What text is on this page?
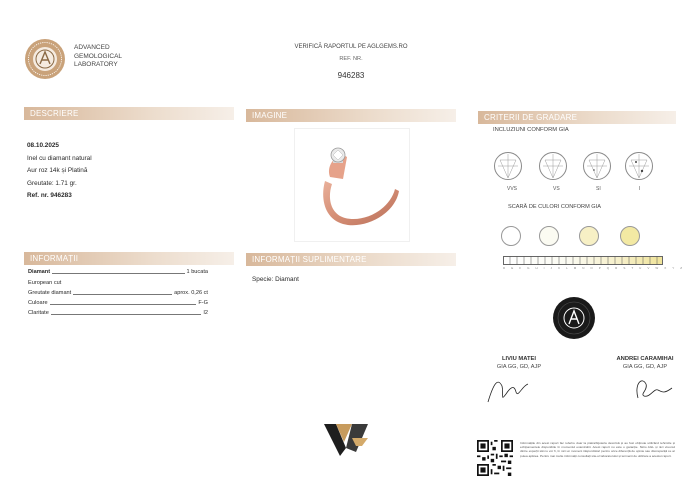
ADVANCED
GEMOLOGICAL
LABORATORY
DESCRIERE
08.10.2025
Inel cu diamant natural
Aur roz 14k și Platină
Greutate: 1.71 gr.
Ref. nr. 946283
INFORMAȚII
Diamant	1 bucata
European cut
Greutate diamant	aprox. 0,26 ct
Culoare	F-G
Claritate	I2
VERIFICĂ RAPORTUL PE AGLGEMS.RO
REF. NR.
946283
IMAGINE
INFORMAȚII SUPLIMENTARE
Specie: Diamant
CRITERII DE GRADARE
INCLUZIUNI CONFORM GIA
VVS	VS	SI	I
SCARĂ DE CULORI CONFORM GIA
D E F G H I J K L M N O P Q R S T U V W X Y Z
LIVIU MATEI
GIA GG, GD, AJP
ANDREI CARAMIHAI
GIA GG, GD, AJP
Informațiile din acest raport fac referire doar la piatra/bijuteria descrisă și au fost obținute utilizând tehnicile și echipamentele disponibile în momentul examinării. Acest raport nu este o garanție. Nicio AGL și nici vreunul dintre experții săi nu vor fi, în nici un moment răspunzători pentru orice diferență de opinie sau discrepanță ce ar putea apărea. Pentru mai multe informații consultați site-ul laboratorului și termenii de utilizare a acestui raport.
